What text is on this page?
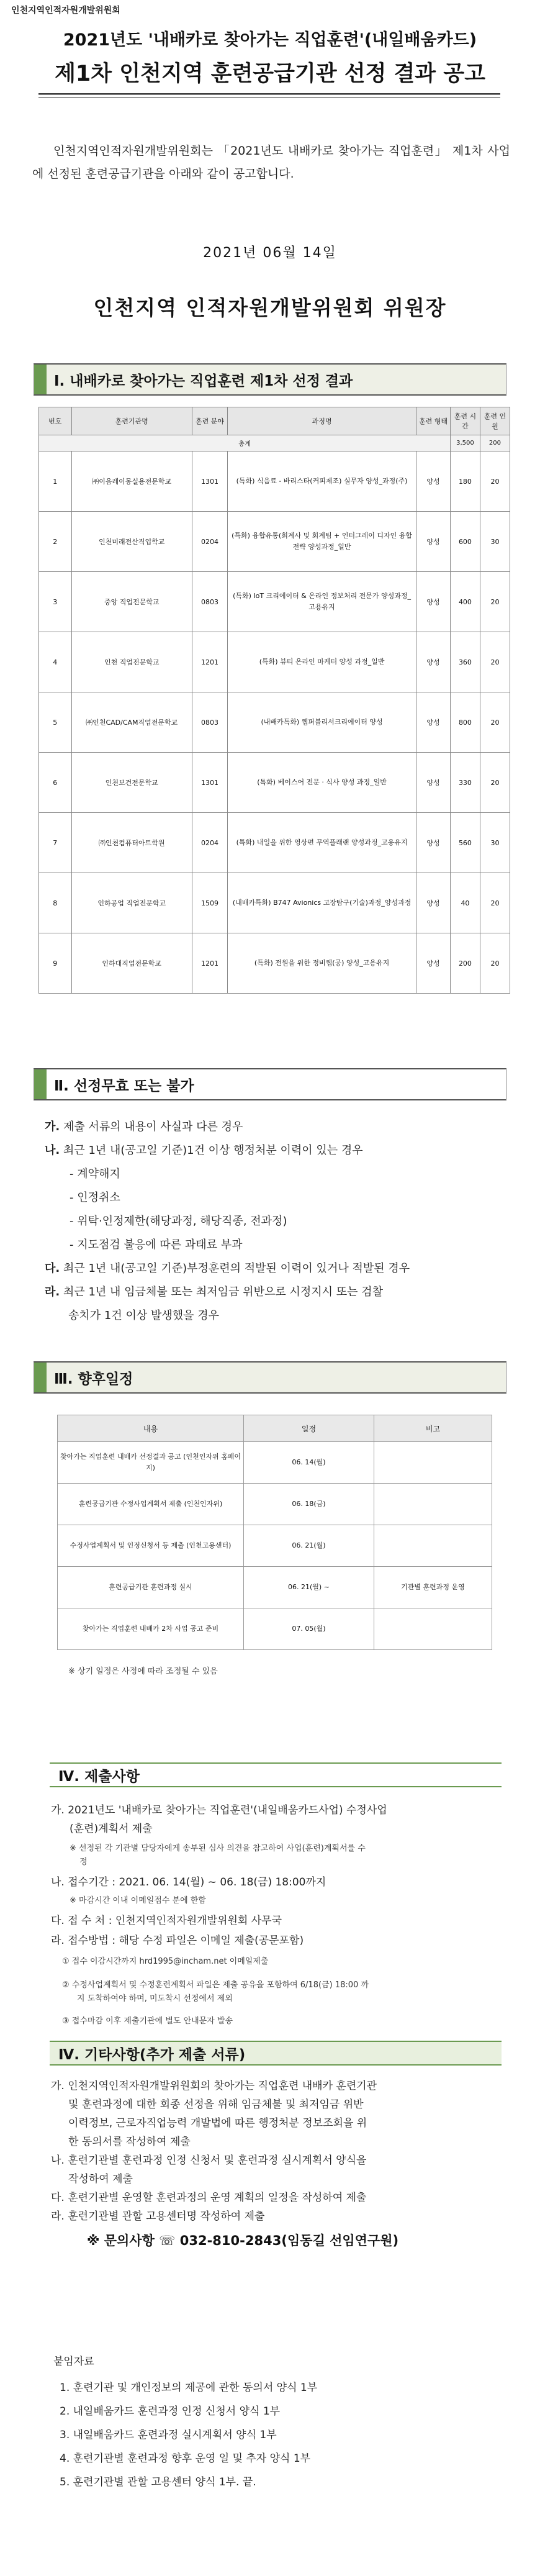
인천지역인적자원개발위원회
2021년도 '내배카로 찾아가는 직업훈련'(내일배움카드)
제1차 인천지역 훈련공급기관 선정 결과 공고
인천지역인적자원개발위원회는 「2021년도 내배카로 찾아가는 직업훈련」 제1차 사업에 선정된 훈련공급기관을 아래와 같이 공고합니다.
2021년 06월 14일
인천지역 인적자원개발위원회 위원장
Ⅰ. 내배카로 찾아가는 직업훈련 제1차 선정 결과
번호	훈련기관명	훈련 분야	과정명	훈련 형태	훈련 시간	훈련 인원
총계					3,500	200
1	㈜이음레이몽실용전문학교	1301	(특화) 식음료 - 바리스타(커피제조) 실무자 양성_과정(주)	양성	180	20
2	인천미래전산직업학교	0204	(특화) 융합유통(회계사 및 회계팀 + 인터그레이 디자인 융합전략 양성과정_일반	양성	600	30
3	중앙 직업전문학교	0803	(특화) IoT 크리에이터 & 온라인 정보처리 전문가 양성과정_고용유지	양성	400	20
4	인천 직업전문학교	1201	(특화) 뷰티 온라인 마케터 양성 과정_일반	양성	360	20
5	㈜인천CAD/CAM직업전문학교	0803	(내배카특화) 웹퍼블리셔크리에이터 양성	양성	800	20
6	인천보건전문학교	1301	(특화) 베이스어 전문 · 식사 양성 과정_일반	양성	330	20
7	㈜인천컴퓨터아트학원	0204	(특화) 내일을 위한 영상편 무역플래랜 양성과정_고용유지	양성	560	30
8	인하공업 직업전문학교	1509	(내배카특화) B747 Avionics 고장탐구(기술)과정_양성과정	양성	40	20
9	인하대직업전문학교	1201	(특화) 전원을 위한 정비웹(공) 양성_고용유지	양성	200	20
Ⅱ. 선정무효 또는 불가
가. 제출 서류의 내용이 사실과 다른 경우
나. 최근 1년 내(공고일 기준)1건 이상 행정처분 이력이 있는 경우
- 계약해지
- 인정취소
- 위탁·인정제한(해당과정, 해당직종, 전과정)
- 지도점검 불응에 따른 과태료 부과
다. 최근 1년 내(공고일 기준)부정훈련의 적발된 이력이 있거나 적발된 경우
라. 최근 1년 내 임금체불 또는 최저임금 위반으로 시정지시 또는 검찰
송치가 1건 이상 발생했을 경우
Ⅲ. 향후일정
내용	일정	비고
찾아가는 직업훈련 내배카 선정결과 공고 (인천인자위 홈페이지)	06. 14(월)	
훈련공급기관 수정사업계획서 제출 (인천인자위)	06. 18(금)	
수정사업계획서 및 인정신청서 등 제출 (인천고용센터)	06. 21(월)	
훈련공급기관 훈련과정 실시	06. 21(월) ~	기관별 훈련과정 운영
찾아가는 직업훈련 내배카 2차 사업 공고 준비	07. 05(월)	
※ 상기 일정은 사정에 따라 조정될 수 있음
Ⅳ. 제출사항
가. 2021년도 '내배카로 찾아가는 직업훈련'(내일배움카드사업) 수정사업
(훈련)계획서 제출
※ 선정된 각 기관별 담당자에게 송부된 심사 의견을 참고하여 사업(훈련)계획서를 수
정
나. 접수기간 : 2021. 06. 14(월) ~ 06. 18(금) 18:00까지
※ 마감시간 이내 이메일접수 분에 한함
다. 접 수 처 : 인천지역인적자원개발위원회 사무국
라. 접수방법 : 해당 수정 파일은 이메일 제출(공문포함)
① 접수 이감시간까지 hrd1995@incham.net 이메일제출
② 수정사업계획서 및 수정훈련계획서 파일은 제출 공유을 포함하여 6/18(금) 18:00 까
지 도착하여야 하며, 미도착시 선정에서 제외
③ 접수마감 이후 제출기관에 별도 안내문자 발송
Ⅳ. 기타사항(추가 제출 서류)
가. 인천지역인적자원개발위원회의 찾아가는 직업훈련 내배카 훈련기관
및 훈련과정에 대한 회종 선정을 위해 임금체불 및 최저임금 위반
이력정보, 근로자직업능력 개발법에 따른 행정처분 정보조회을 위
한 동의서를 작성하여 제출
나. 훈련기관별 훈련과정 인정 신청서 및 훈련과정 실시계획서 양식을
작성하여 제출
다. 훈련기관별 운영할 훈련과정의 운영 계획의 일정을 작성하여 제출
라. 훈련기관별 관할 고용센터명 작성하여 제출
※ 문의사항 ☏ 032-810-2843(임동길 선임연구원)
붙임자료
1. 훈련기관 및 개인정보의 제공에 관한 동의서 양식 1부
2. 내일배움카드 훈련과정 인정 신청서 양식 1부
3. 내일배움카드 훈련과정 실시계획서 양식 1부
4. 훈련기관별 훈련과정 향후 운영 일 및 추자 양식 1부
5. 훈련기관별 관할 고용센터 양식 1부. 끝.
